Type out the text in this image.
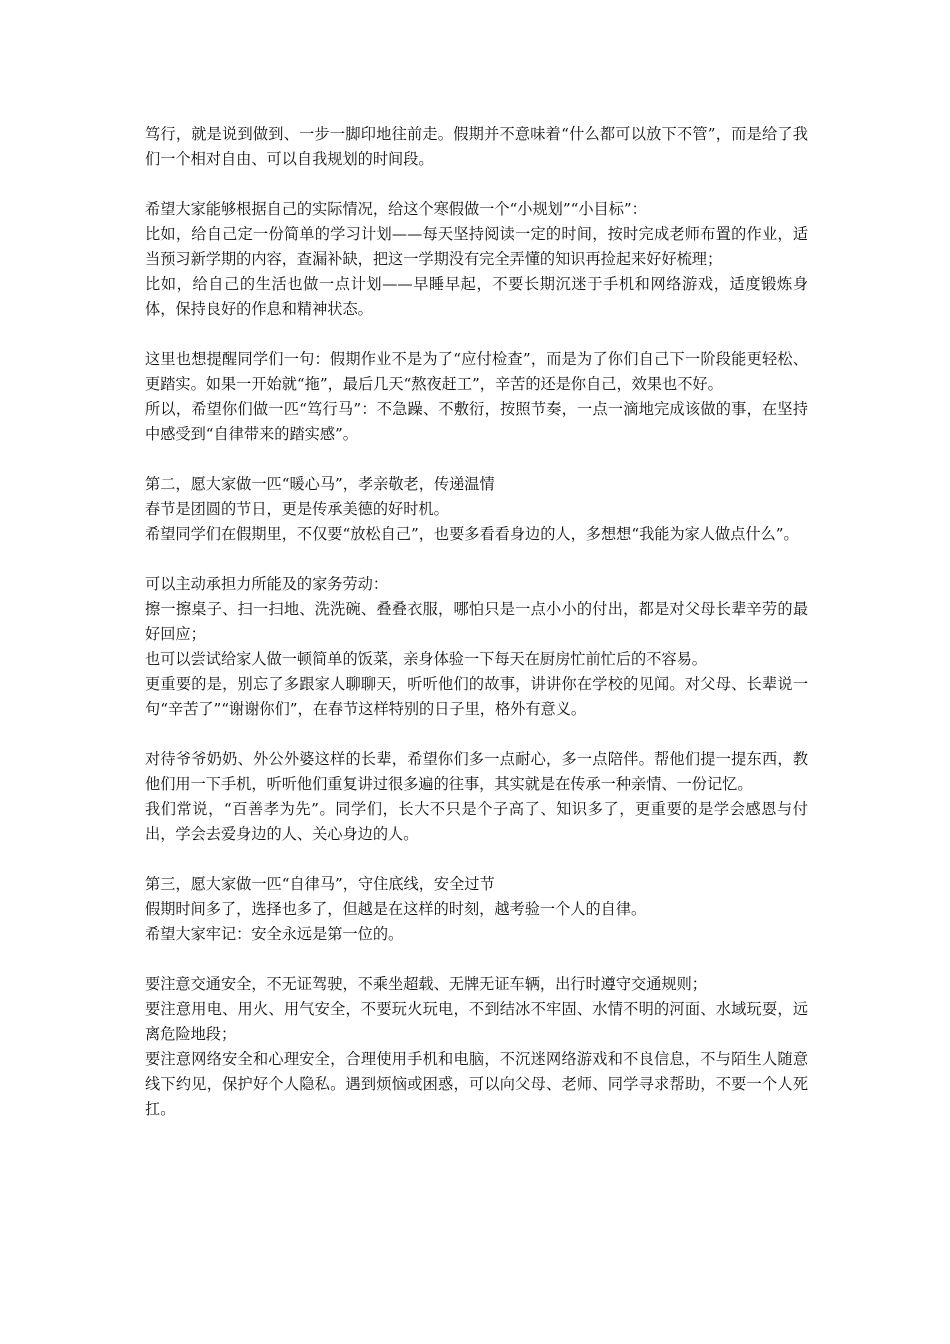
笃行，就是说到做到、一步一脚印地往前走。假期并不意味着“什么都可以放下不管”，而是给了我们一个相对自由、可以自我规划的时间段。

希望大家能够根据自己的实际情况，给这个寒假做一个“小规划”“小目标”：

比如，给自己定一份简单的学习计划——每天坚持阅读一定的时间，按时完成老师布置的作业，适当预习新学期的内容，查漏补缺，把这一学期没有完全弄懂的知识再捡起来好好梳理；

比如，给自己的生活也做一点计划——早睡早起，不要长期沉迷于手机和网络游戏，适度锻炼身体，保持良好的作息和精神状态。

这里也想提醒同学们一句：假期作业不是为了“应付检查”，而是为了你们自己下一阶段能更轻松、更踏实。如果一开始就“拖”，最后几天“熬夜赶工”，辛苦的还是你自己，效果也不好。

所以，希望你们做一匹“笃行马”：不急躁、不敷衍，按照节奏，一点一滴地完成该做的事，在坚持中感受到“自律带来的踏实感”。

第二，愿大家做一匹“暖心马”，孝亲敬老，传递温情

春节是团圆的节日，更是传承美德的好时机。

希望同学们在假期里，不仅要“放松自己”，也要多看看身边的人，多想想“我能为家人做点什么”。

可以主动承担力所能及的家务劳动：

擦一擦桌子、扫一扫地、洗洗碗、叠叠衣服，哪怕只是一点小小的付出，都是对父母长辈辛劳的最好回应；

也可以尝试给家人做一顿简单的饭菜，亲身体验一下每天在厨房忙前忙后的不容易。

更重要的是，别忘了多跟家人聊聊天，听听他们的故事，讲讲你在学校的见闻。对父母、长辈说一句“辛苦了”“谢谢你们”，在春节这样特别的日子里，格外有意义。

对待爷爷奶奶、外公外婆这样的长辈，希望你们多一点耐心，多一点陪伴。帮他们提一提东西，教他们用一下手机，听听他们重复讲过很多遍的往事，其实就是在传承一种亲情、一份记忆。

我们常说，“百善孝为先”。同学们，长大不只是个子高了、知识多了，更重要的是学会感恩与付出，学会去爱身边的人、关心身边的人。

第三，愿大家做一匹“自律马”，守住底线，安全过节

假期时间多了，选择也多了，但越是在这样的时刻，越考验一个人的自律。

希望大家牢记：安全永远是第一位的。

要注意交通安全，不无证驾驶，不乘坐超载、无牌无证车辆，出行时遵守交通规则；

要注意用电、用火、用气安全，不要玩火玩电，不到结冰不牢固、水情不明的河面、水域玩耍，远离危险地段；

要注意网络安全和心理安全，合理使用手机和电脑，不沉迷网络游戏和不良信息，不与陌生人随意线下约见，保护好个人隐私。遇到烦恼或困惑，可以向父母、老师、同学寻求帮助，不要一个人死扛。
